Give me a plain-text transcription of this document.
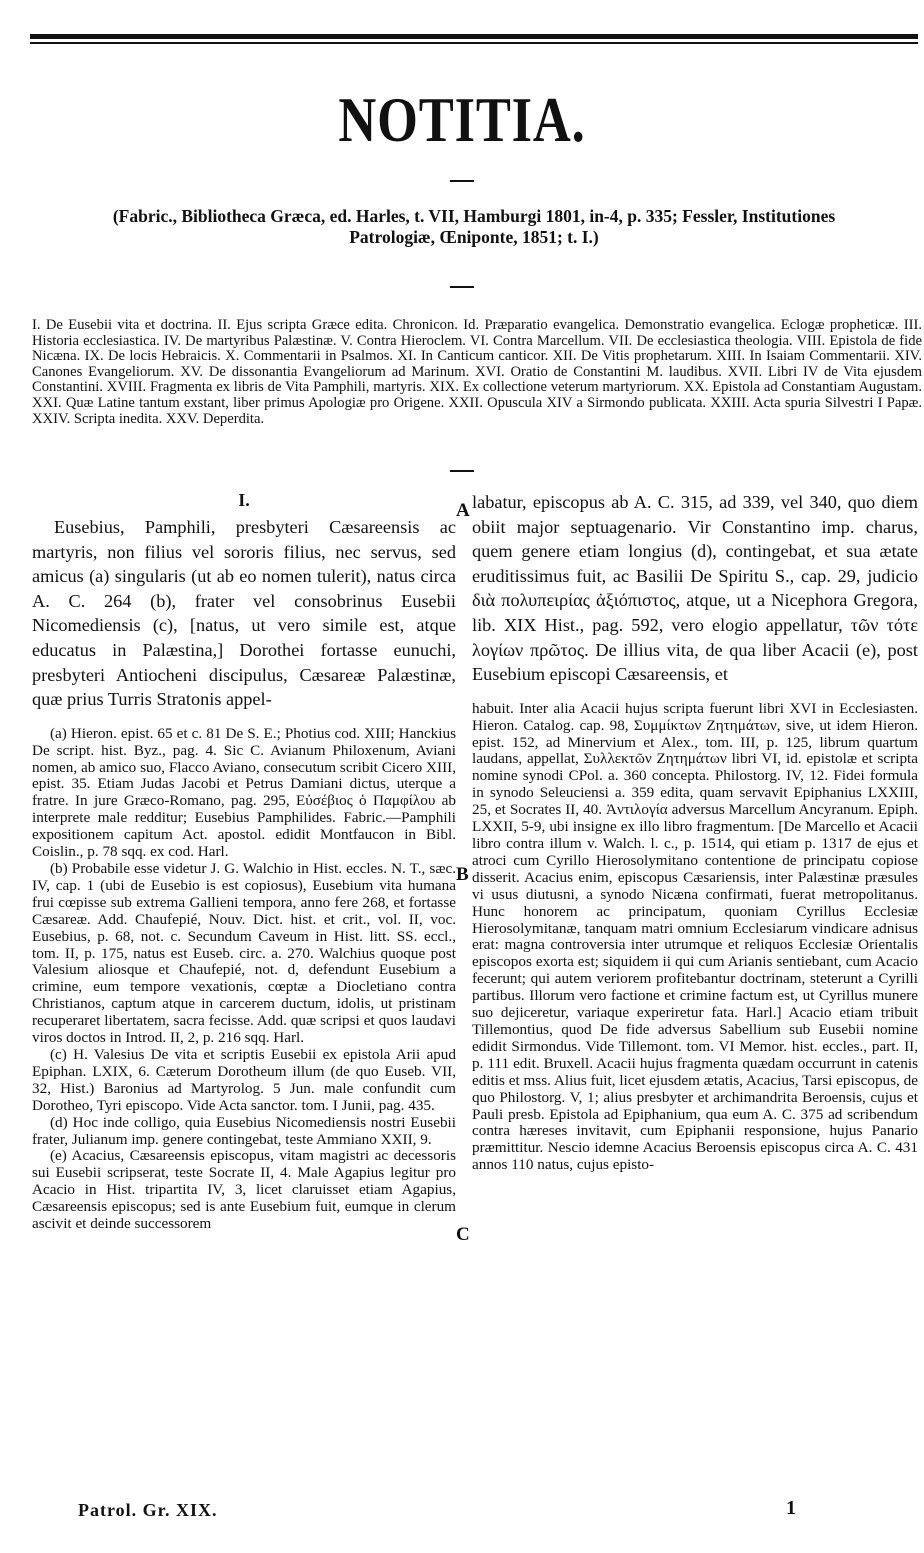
NOTITIA.
(Fabric., Bibliotheca Græca, ed. Harles, t. VII, Hamburgi 1801, in-4, p. 335; Fessler, Institutiones
Patrologiæ, Œniponte, 1851; t. I.)
I. De Eusebii vita et doctrina. II. Ejus scripta Græce edita. Chronicon. Id. Præparatio evangelica. Demonstratio evangelica. Eclogæ propheticæ. III. Historia ecclesiastica. IV. De martyribus Palæstinæ. V. Contra Hieroclem. VI. Contra Marcellum. VII. De ecclesiastica theologia. VIII. Epistola de fide Nicæna. IX. De locis Hebraicis. X. Commentarii in Psalmos. XI. In Canticum canticor. XII. De Vitis prophetarum. XIII. In Isaiam Commentarii. XIV. Canones Evangeliorum. XV. De dissonantia Evangeliorum ad Marinum. XVI. Oratio de Constantini M. laudibus. XVII. Libri IV de Vita ejusdem Constantini. XVIII. Fragmenta ex libris de Vita Pamphili, martyris. XIX. Ex collectione veterum martyriorum. XX. Epistola ad Constantiam Augustam. XXI. Quæ Latine tantum exstant, liber primus Apologiæ pro Origene. XXII. Opuscula XIV a Sirmondo publicata. XXIII. Acta spuria Silvestri I Papæ. XXIV. Scripta inedita. XXV. Deperdita.
I.

Eusebius, Pamphili, presbyteri Cæsareensis ac martyris, non filius vel sororis filius, nec servus, sed amicus (a) singularis (ut ab eo nomen tulerit), natus circa A. C. 264 (b), frater vel consobrinus Eusebii Nicomediensis (c), [natus, ut vero simile est, atque educatus in Palæstina,] Dorothei fortasse eunuchi, presbyteri Antiocheni discipulus, Cæsareæ Palæstinæ, quæ prius Turris Stratonis appel-

(a) Hieron. epist. 65 et c. 81 De S. E.; Photius cod. XIII; Hanckius De script. hist. Byz., pag. 4. Sic C. Avianum Philoxenum, Aviani nomen, ab amico suo, Flacco Aviano, consecutum scribit Cicero XIII, epist. 35. Etiam Judas Jacobi et Petrus Damiani dictus, uterque a fratre. In jure Græco-Romano, pag. 295, Εὐσέβιος ὁ Παμφίλου ab interprete male redditur; Eusebius Pamphilides. Fabric.—Pamphili expositionem capitum Act. apostol. edidit Montfaucon in Bibl. Coislin., p. 78 sqq. ex cod. Harl.

(b) Probabile esse videtur J. G. Walchio in Hist. eccles. N. T., sæc. IV, cap. 1 (ubi de Eusebio is est copiosus), Eusebium vita humana frui cœpisse sub extrema Gallieni tempora, anno fere 268, et fortasse Cæsareæ. Add. Chaufepié, Nouv. Dict. hist. et crit., vol. II, voc. Eusebius, p. 68, not. c. Secundum Caveum in Hist. litt. SS. eccl., tom. II, p. 175, natus est Euseb. circ. a. 270. Walchius quoque post Valesium aliosque et Chaufepié, not. d, defendunt Eusebium a crimine, eum tempore vexationis, cœptæ a Diocletiano contra Christianos, captum atque in carcerem ductum, idolis, ut pristinam recuperaret libertatem, sacra fecisse. Add. quæ scripsi et quos laudavi viros doctos in Introd. II, 2, p. 216 sqq. Harl.

(c) H. Valesius De vita et scriptis Eusebii ex epistola Arii apud Epiphan. LXIX, 6. Cæterum Dorotheum illum (de quo Euseb. VII, 32, Hist.) Baronius ad Martyrolog. 5 Jun. male confundit cum Dorotheo, Tyri episcopo. Vide Acta sanctor. tom. I Junii, pag. 435.

(d) Hoc inde colligo, quia Eusebius Nicomediensis nostri Eusebii frater, Julianum imp. genere contingebat, teste Ammiano XXII, 9.

(e) Acacius, Cæsareensis episcopus, vitam magistri ac decessoris sui Eusebii scripserat, teste Socrate II, 4. Male Agapius legitur pro Acacio in Hist. tripartita IV, 3, licet claruisset etiam Agapius, Cæsareensis episcopus; sed is ante Eusebium fuit, eumque in clerum ascivit et deinde successorem

labatur, episcopus ab A. C. 315, ad 339, vel 340, quo diem obiit major septuagenario. Vir Constantino imp. charus, quem genere etiam longius (d), contingebat, et sua ætate eruditissimus fuit, ac Basilii De Spiritu S., cap. 29, judicio διὰ πολυπειρίας ἀξιόπιστος, atque, ut a Nicephora Gregora, lib. XIX Hist., pag. 592, vero elogio appellatur, τῶν τότε λογίων πρῶτος. De illius vita, de qua liber Acacii (e), post Eusebium episcopi Cæsareensis, et

habuit. Inter alia Acacii hujus scripta fuerunt libri XVI in Ecclesiasten. Hieron. Catalog. cap. 98, Συμμίκτων Ζητημάτων, sive, ut idem Hieron. epist. 152, ad Minervium et Alex., tom. III, p. 125, librum quartum laudans, appellat, Συλλεκτῶν Ζητημάτων libri VI, id. epistolæ et scripta nomine synodi CPol. a. 360 concepta. Philostorg. IV, 12. Fidei formula in synodo Seleuciensi a. 359 edita, quam servavit Epiphanius LXXIII, 25, et Socrates II, 40. Ἀντιλογία adversus Marcellum Ancyranum. Epiph. LXXII, 5-9, ubi insigne ex illo libro fragmentum. [De Marcello et Acacii libro contra illum v. Walch. l. c., p. 1514, qui etiam p. 1317 de ejus et atroci cum Cyrillo Hierosolymitano contentione de principatu copiose disserit. Acacius enim, episcopus Cæsariensis, inter Palæstinæ præsules vi usus diutusni, a synodo Nicæna confirmati, fuerat metropolitanus. Hunc honorem ac principatum, quoniam Cyrillus Ecclesiæ Hierosolymitanæ, tanquam matri omnium Ecclesiarum vindicare adnisus erat: magna controversia inter utrumque et reliquos Ecclesiæ Orientalis episcopos exorta est; siquidem ii qui cum Arianis sentiebant, cum Acacio fecerunt; qui autem veriorem profitebantur doctrinam, steterunt a Cyrilli partibus. Illorum vero factione et crimine factum est, ut Cyrillus munere suo dejiceretur, variaque experiretur fata. Harl.] Acacio etiam tribuit Tillemontius, quod De fide adversus Sabellium sub Eusebii nomine edidit Sirmondus. Vide Tillemont. tom. VI Memor. hist. eccles., part. II, p. 111 edit. Bruxell. Acacii hujus fragmenta quædam occurrunt in catenis editis et mss. Alius fuit, licet ejusdem ætatis, Acacius, Tarsi episcopus, de quo Philostorg. V, 1; alius presbyter et archimandrita Beroensis, cujus et Pauli presb. Epistola ad Epiphanium, qua eum A. C. 375 ad scribendum contra hæreses invitavit, cum Epiphanii responsione, hujus Panario præmittitur. Nescio idemne Acacius Beroensis episcopus circa A. C. 431 annos 110 natus, cujus episto-

A
B
C
Patrol. Gr. XIX.	1
